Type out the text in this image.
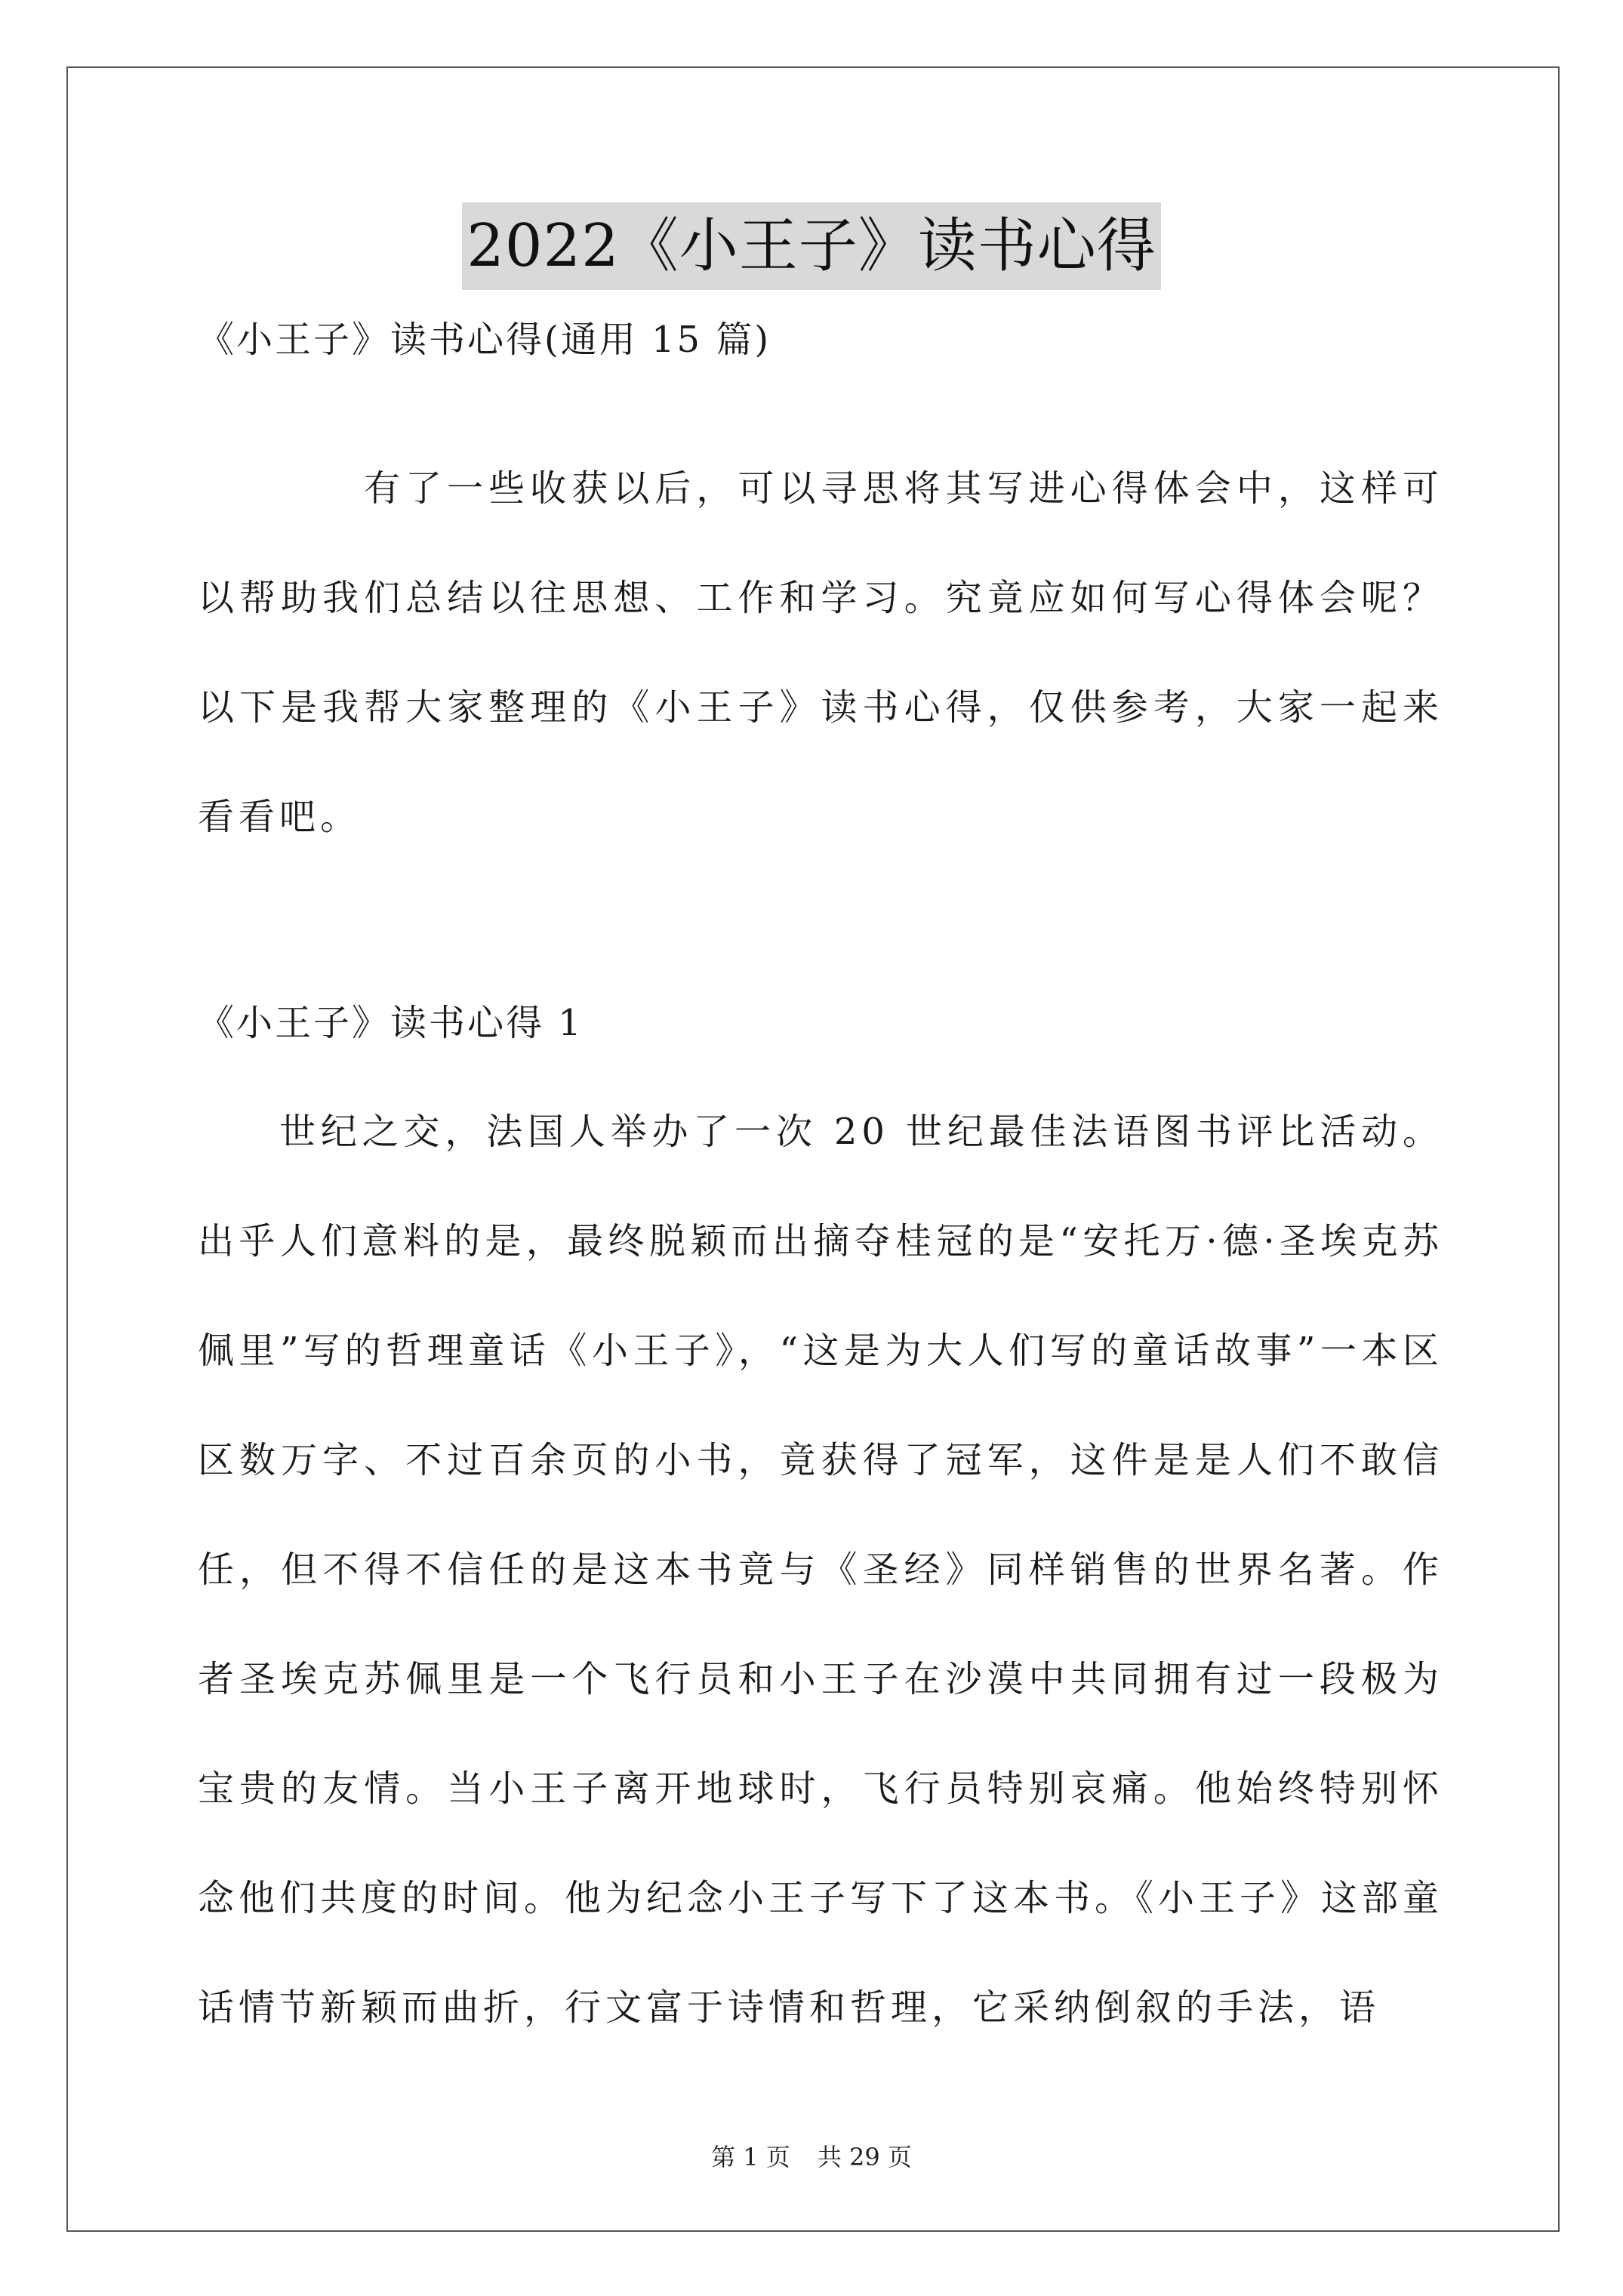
2022《小王子》读书心得
《小王子》读书心得(通用 15 篇)

有了一些收获以后，可以寻思将其写进心得体会中，这样可以帮助我们总结以往思想、工作和学习。究竟应如何写心得体会呢？以下是我帮大家整理的《小王子》读书心得，仅供参考，大家一起来看看吧。

《小王子》读书心得 1

世纪之交，法国人举办了一次 20 世纪最佳法语图书评比活动。出乎人们意料的是，最终脱颖而出摘夺桂冠的是“安托万·德·圣埃克苏佩里”写的哲理童话《小王子》，“这是为大人们写的童话故事”一本区区数万字、不过百余页的小书，竟获得了冠军，这件是是人们不敢信任，但不得不信任的是这本书竟与《圣经》同样销售的世界名著。作者圣埃克苏佩里是一个飞行员和小王子在沙漠中共同拥有过一段极为宝贵的友情。当小王子离开地球时，飞行员特别哀痛。他始终特别怀念他们共度的时间。他为纪念小王子写下了这本书。《小王子》这部童话情节新颖而曲折，行文富于诗情和哲理，它采纳倒叙的手法，语

第 1 页 共 29 页
